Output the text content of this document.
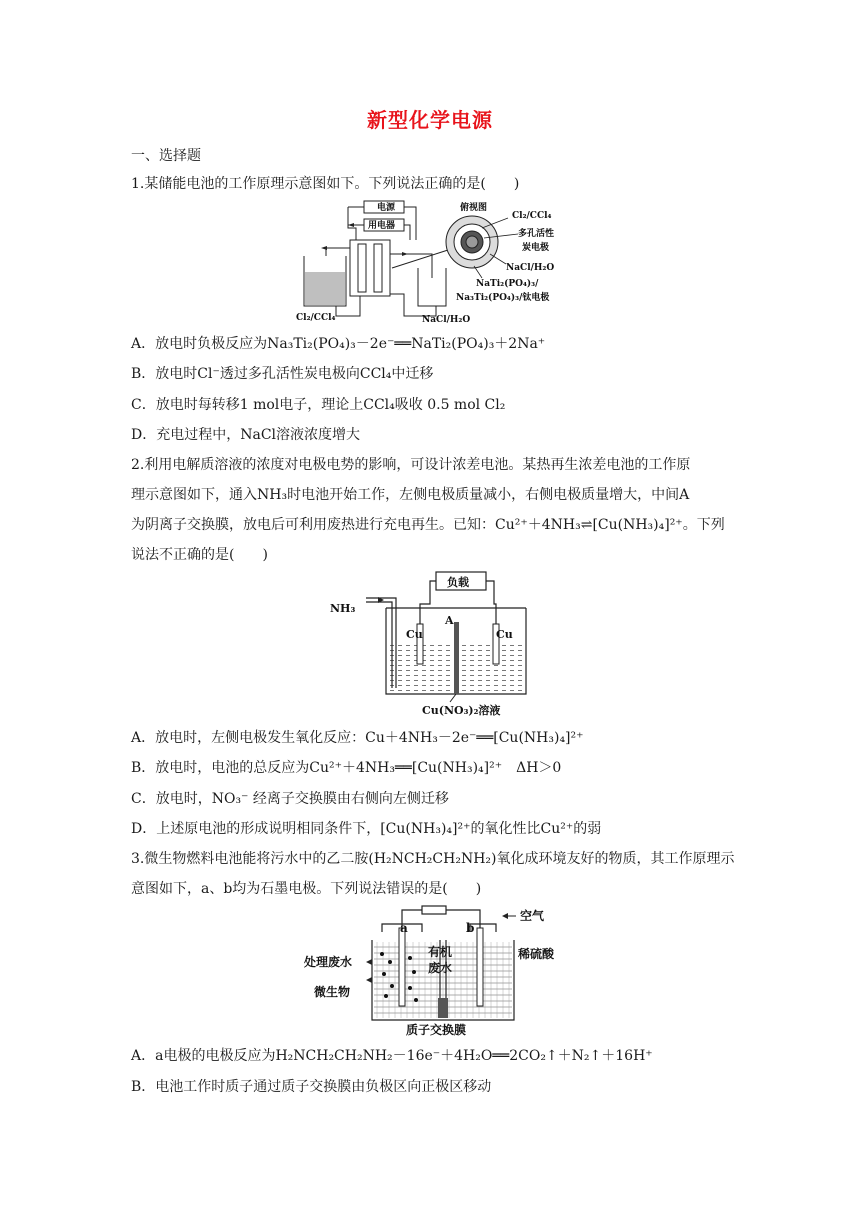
新型化学电源
一、选择题
1.某储能电池的工作原理示意图如下。下列说法正确的是(　　)
电源
用电器
Cl₂/CCl₄	NaCl/H₂O
俯视图
Cl₂/CCl₄
多孔活性
炭电极
NaCl/H₂O
NaTi₂(PO₄)₃/
Na₃Ti₂(PO₄)₃/钛电极
A．放电时负极反应为Na₃Ti₂(PO₄)₃－2e⁻══NaTi₂(PO₄)₃＋2Na⁺
B．放电时Cl⁻透过多孔活性炭电极向CCl₄中迁移
C．放电时每转移1 mol电子，理论上CCl₄吸收 0.5 mol Cl₂
D．充电过程中，NaCl溶液浓度增大
2.利用电解质溶液的浓度对电极电势的影响，可设计浓差电池。某热再生浓差电池的工作原
理示意图如下，通入NH₃时电池开始工作，左侧电极质量减小，右侧电极质量增大，中间A
为阴离子交换膜，放电后可利用废热进行充电再生。已知：Cu²⁺＋4NH₃⇌[Cu(NH₃)₄]²⁺。下列
说法不正确的是(　　)
负载
NH₃
Cu
A
Cu
Cu(NO₃)₂溶液
A．放电时，左侧电极发生氧化反应：Cu＋4NH₃－2e⁻══[Cu(NH₃)₄]²⁺
B．放电时，电池的总反应为Cu²⁺＋4NH₃══[Cu(NH₃)₄]²⁺　ΔH＞0
C．放电时，NO₃⁻ 经离子交换膜由右侧向左侧迁移
D．上述原电池的形成说明相同条件下，[Cu(NH₃)₄]²⁺的氧化性比Cu²⁺的弱
3.微生物燃料电池能将污水中的乙二胺(H₂NCH₂CH₂NH₂)氧化成环境友好的物质，其工作原理示
意图如下，a、b均为石墨电极。下列说法错误的是(　　)
空气
a	b
处理废水
有机
废水
稀硫酸
微生物
质子交换膜
A．a电极的电极反应为H₂NCH₂CH₂NH₂－16e⁻＋4H₂O══2CO₂↑＋N₂↑＋16H⁺
B．电池工作时质子通过质子交换膜由负极区向正极区移动
